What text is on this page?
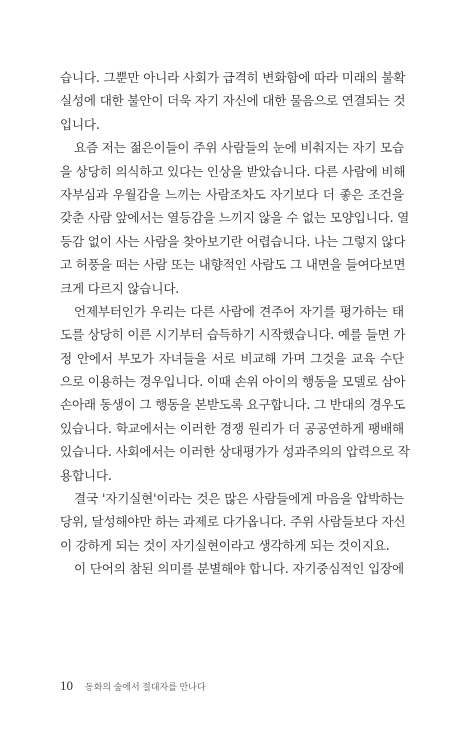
습니다. 그뿐만 아니라 사회가 급격히 변화함에 따라 미래의 불확
실성에 대한 불안이 더욱 자기 자신에 대한 물음으로 연결되는 것
입니다.
요즘 저는 젊은이들이 주위 사람들의 눈에 비춰지는 자기 모습
을 상당히 의식하고 있다는 인상을 받았습니다. 다른 사람에 비해
자부심과 우월감을 느끼는 사람조차도 자기보다 더 좋은 조건을
갖춘 사람 앞에서는 열등감을 느끼지 않을 수 없는 모양입니다. 열
등감 없이 사는 사람을 찾아보기란 어렵습니다. 나는 그렇지 않다
고 허풍을 떠는 사람 또는 내향적인 사람도 그 내면을 들여다보면
크게 다르지 않습니다.
언제부터인가 우리는 다른 사람에 견주어 자기를 평가하는 태
도를 상당히 이른 시기부터 습득하기 시작했습니다. 예를 들면 가
정 안에서 부모가 자녀들을 서로 비교해 가며 그것을 교육 수단
으로 이용하는 경우입니다. 이때 손위 아이의 행동을 모델로 삼아
손아래 동생이 그 행동을 본받도록 요구합니다. 그 반대의 경우도
있습니다. 학교에서는 이러한 경쟁 원리가 더 공공연하게 팽배해
있습니다. 사회에서는 이러한 상대평가가 성과주의의 압력으로 작
용합니다.
결국 '자기실현'이라는 것은 많은 사람들에게 마음을 압박하는
당위, 달성해야만 하는 과제로 다가옵니다. 주위 사람들보다 자신
이 강하게 되는 것이 자기실현이라고 생각하게 되는 것이지요.
이 단어의 참된 의미를 분별해야 합니다. 자기중심적인 입장에
10 동화의 숲에서 절대자를 만나다
